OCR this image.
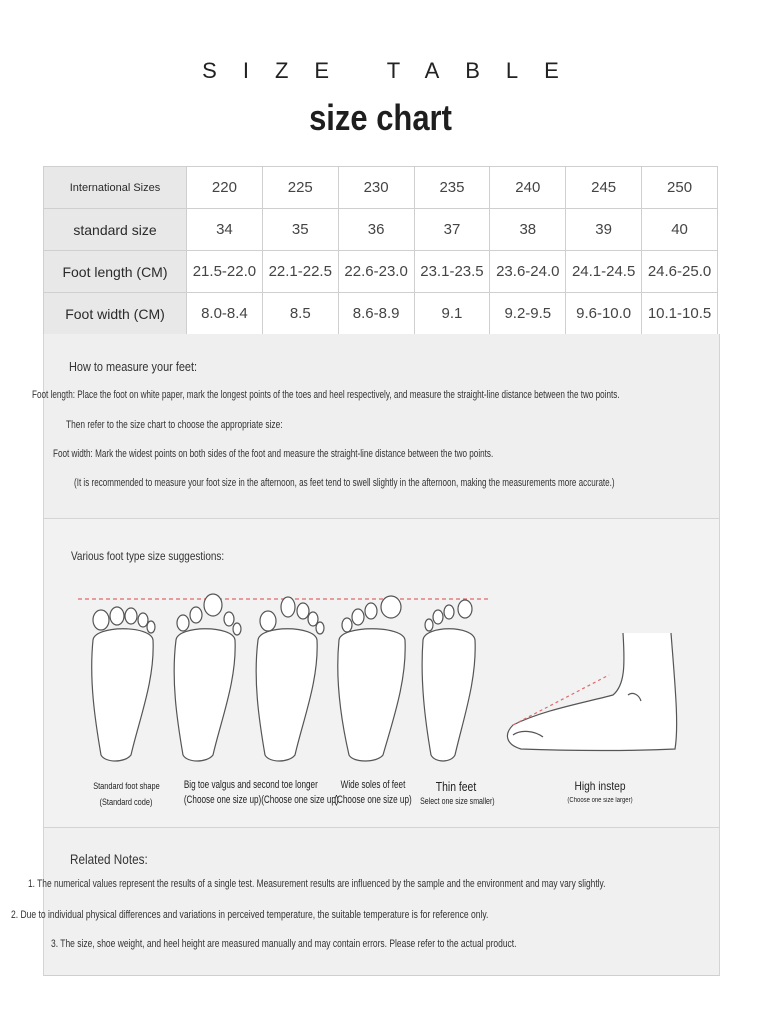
SIZE TABLE
size chart
International Sizes	220	225	230	235	240	245	250
standard size	34	35	36	37	38	39	40
Foot length (CM)	21.5-22.0	22.1-22.5	22.6-23.0	23.1-23.5	23.6-24.0	24.1-24.5	24.6-25.0
Foot width (CM)	8.0-8.4	8.5	8.6-8.9	9.1	9.2-9.5	9.6-10.0	10.1-10.5
How to measure your feet:
Foot length: Place the foot on white paper, mark the longest points of the toes and heel respectively, and measure the straight-line distance between the two points.
Then refer to the size chart to choose the appropriate size:
Foot width: Mark the widest points on both sides of the foot and measure the straight-line distance between the two points.
(It is recommended to measure your foot size in the afternoon, as feet tend to swell slightly in the afternoon, making the measurements more accurate.)
Various foot type size suggestions:
Standard foot shape
(Standard code)
Big toe valgus and second toe longer
(Choose one size up)(Choose one size up)
Wide soles of feet
(Choose one size up)
Thin feet
Select one size smaller)
High instep
(Choose one size larger)
Related Notes:
1. The numerical values represent the results of a single test. Measurement results are influenced by the sample and the environment and may vary slightly.
2. Due to individual physical differences and variations in perceived temperature, the suitable temperature is for reference only.
3. The size, shoe weight, and heel height are measured manually and may contain errors. Please refer to the actual product.
